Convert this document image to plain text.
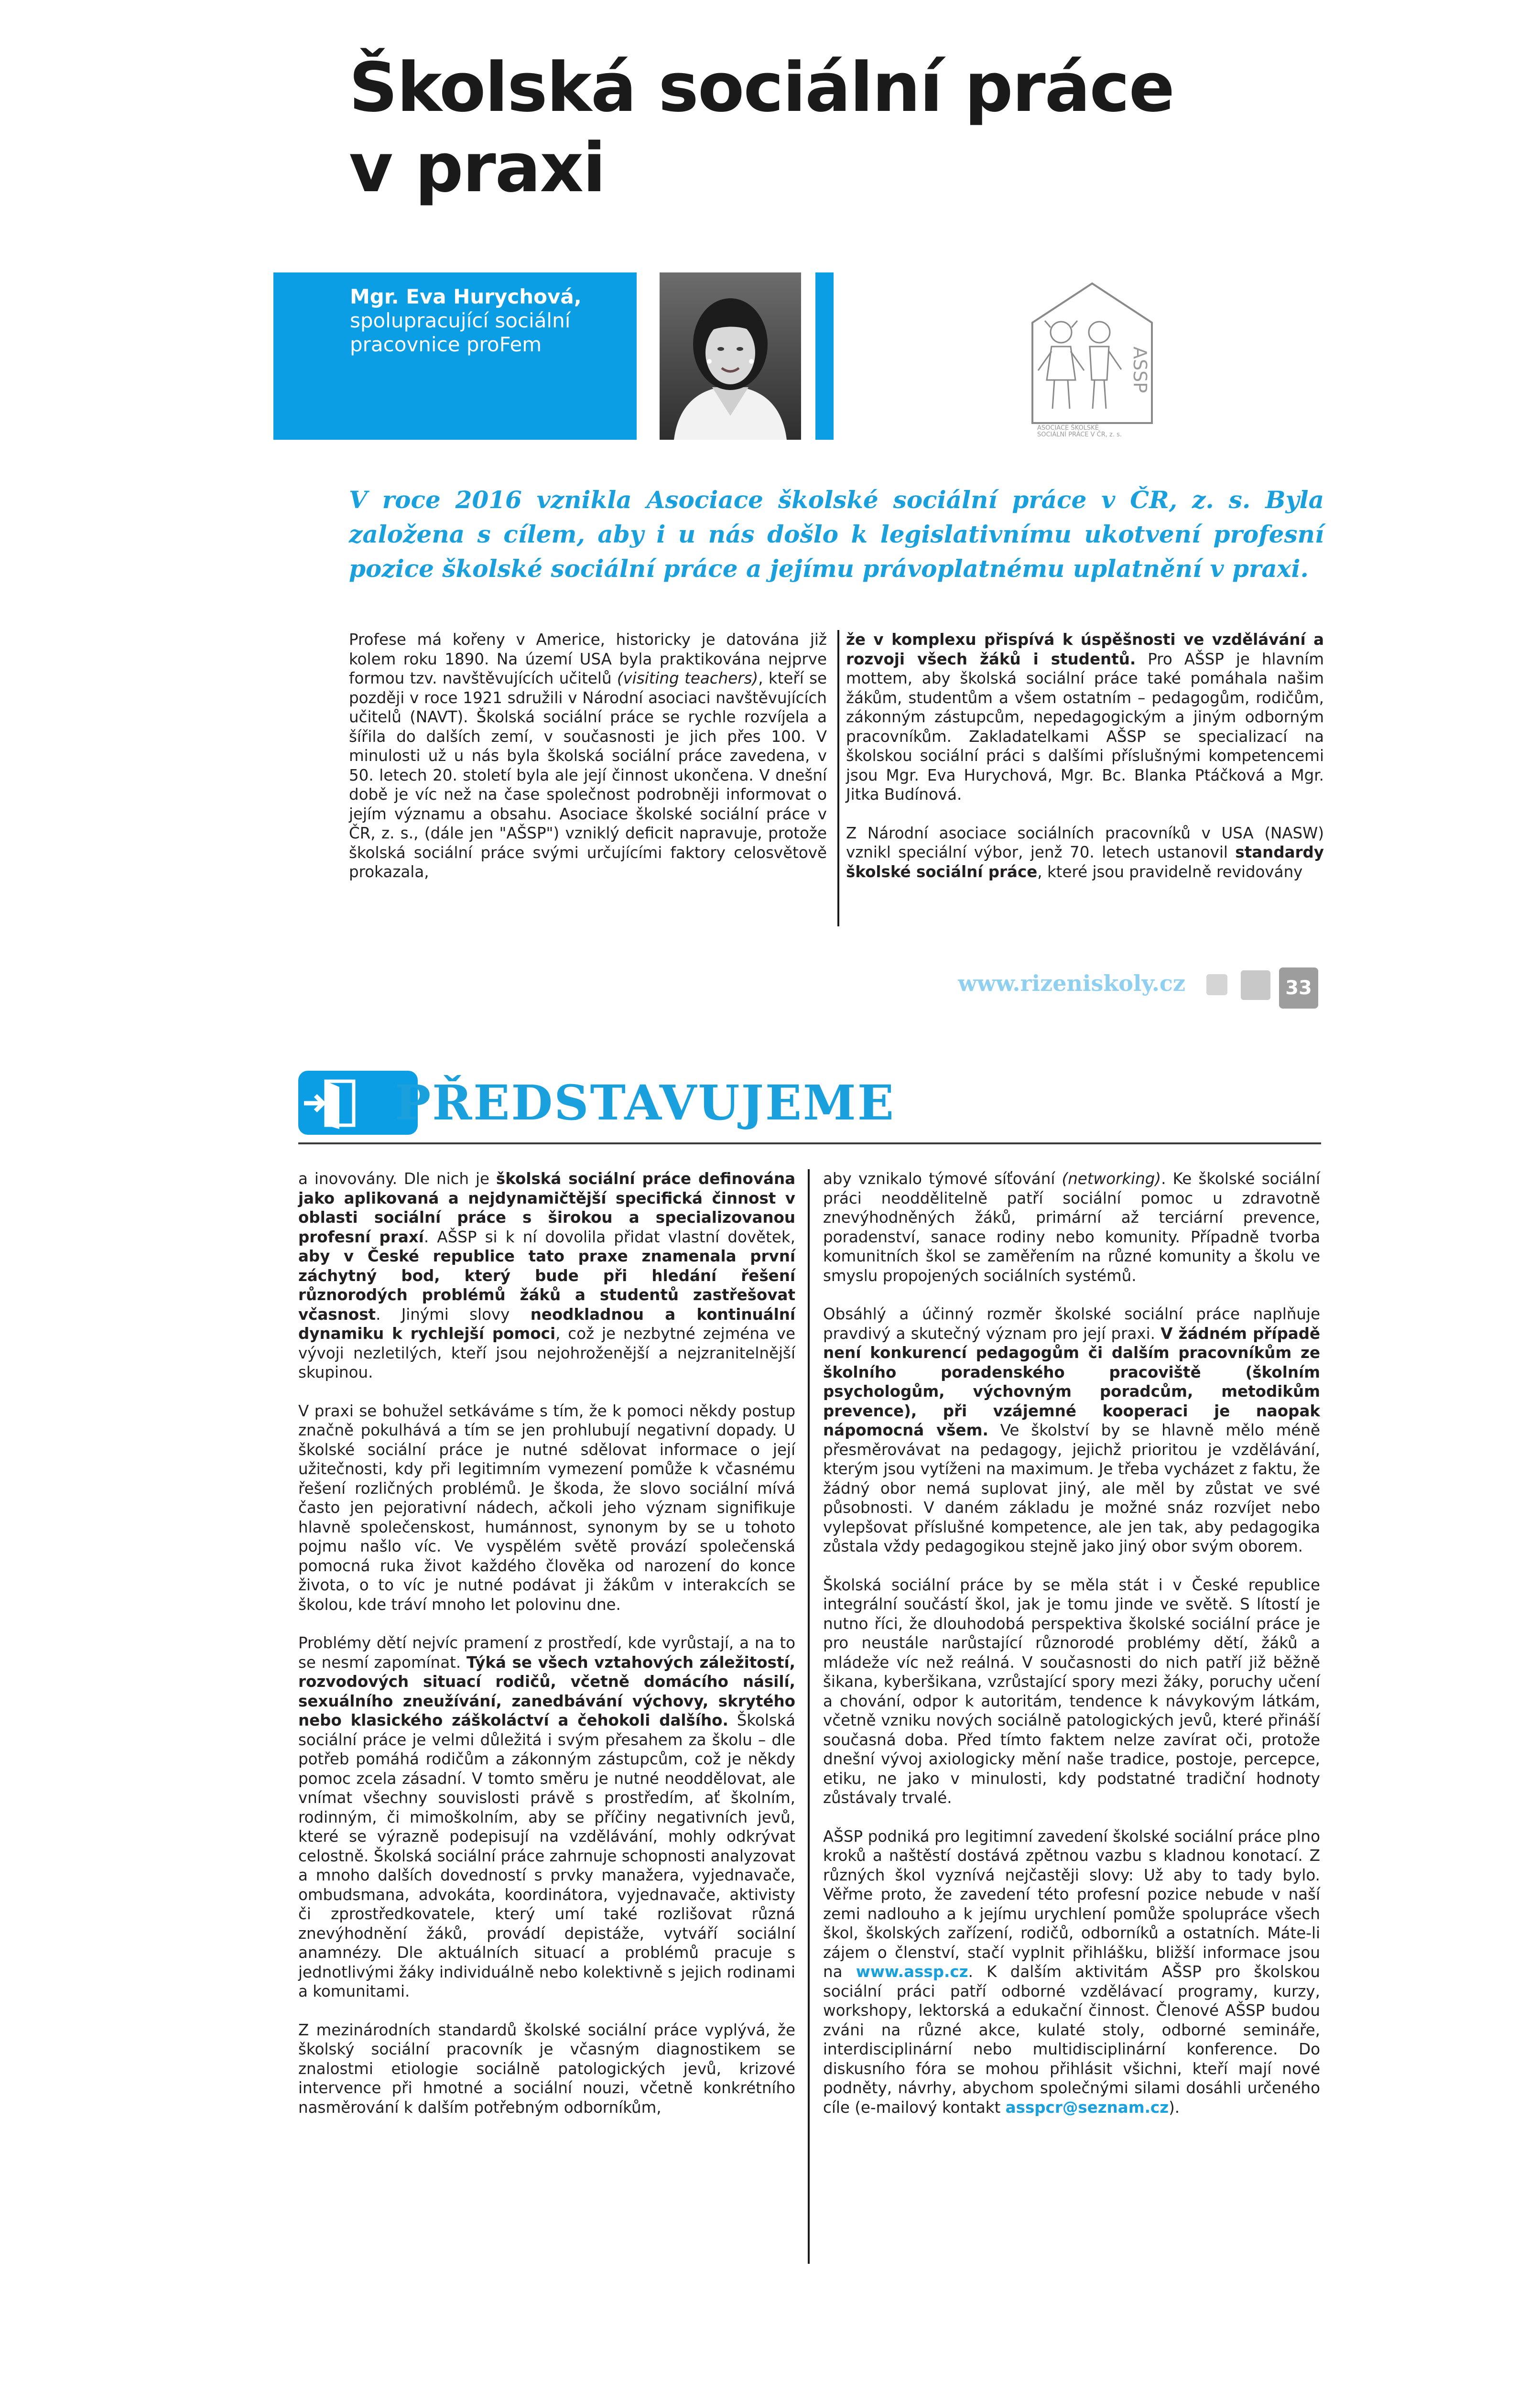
Školská sociální práce
v praxi

Mgr. Eva Hurychová,
spolupracující sociální
pracovnice proFem

ASSP
ASOCIACE ŠKOLSKÉ
SOCIÁLNÍ PRÁCE V ČR, z. s.

V roce 2016 vznikla Asociace školské sociální práce v ČR, z. s. Byla založena s cílem, aby i u nás došlo k legislativnímu ukotvení profesní pozice školské sociální práce a jejímu právoplatnému uplatnění v praxi.

Profese má kořeny v Americe, historicky je datována již kolem roku 1890. Na území USA byla praktikována nejprve formou tzv. navštěvujících učitelů (visiting teachers), kteří se později v roce 1921 sdružili v Národní asociaci navštěvujících učitelů (NAVT). Školská sociální práce se rychle rozvíjela a šířila do dalších zemí, v současnosti je jich přes 100. V minulosti už u nás byla školská sociální práce zavedena, v 50. letech 20. století byla ale její činnost ukončena. V dnešní době je víc než na čase společnost podrobněji informovat o jejím významu a obsahu. Asociace školské sociální práce v ČR, z. s., (dále jen "AŠSP") vzniklý deficit napravuje, protože školská sociální práce svými určujícími faktory celosvětově prokazala,

že v komplexu přispívá k úspěšnosti ve vzdělávání a rozvoji všech žáků i studentů. Pro AŠSP je hlavním mottem, aby školská sociální práce také pomáhala našim žákům, studentům a všem ostatním – pedagogům, rodičům, zákonným zástupcům, nepedagogickým a jiným odborným pracovníkům. Zakladatelkami AŠSP se specializací na školskou sociální práci s dalšími příslušnými kompetencemi jsou Mgr. Eva Hurychová, Mgr. Bc. Blanka Ptáčková a Mgr. Jitka Budínová.

Z Národní asociace sociálních pracovníků v USA (NASW) vznikl speciální výbor, jenž 70. letech ustanovil standardy školské sociální práce, které jsou pravidelně revidovány

www.rizeniskoly.cz	33
PŘEDSTAVUJEME

a inovovány. Dle nich je školská sociální práce definována jako aplikovaná a nejdynamičtější specifická činnost v oblasti sociální práce s širokou a specializovanou profesní praxí. AŠSP si k ní dovolila přidat vlastní dovětek, aby v České republice tato praxe znamenala první záchytný bod, který bude při hledání řešení různorodých problémů žáků a studentů zastřešovat včasnost. Jinými slovy neodkladnou a kontinuální dynamiku k rychlejší pomoci, což je nezbytné zejména ve vývoji nezletilých, kteří jsou nejohroženější a nejzranitelnější skupinou.

V praxi se bohužel setkáváme s tím, že k pomoci někdy postup značně pokulhává a tím se jen prohlubují negativní dopady. U školské sociální práce je nutné sdělovat informace o její užitečnosti, kdy při legitimním vymezení pomůže k včasnému řešení rozličných problémů. Je škoda, že slovo sociální mívá často jen pejorativní nádech, ačkoli jeho význam signifikuje hlavně společenskost, humánnost, synonym by se u tohoto pojmu našlo víc. Ve vyspělém světě provází společenská pomocná ruka život každého člověka od narození do konce života, o to víc je nutné podávat ji žákům v interakcích se školou, kde tráví mnoho let polovinu dne.

Problémy dětí nejvíc pramení z prostředí, kde vyrůstají, a na to se nesmí zapomínat. Týká se všech vztahových záležitostí, rozvodových situací rodičů, včetně domácího násilí, sexuálního zneužívání, zanedbávání výchovy, skrytého nebo klasického záškoláctví a čehokoli dalšího. Školská sociální práce je velmi důležitá i svým přesahem za školu – dle potřeb pomáhá rodičům a zákonným zástupcům, což je někdy pomoc zcela zásadní. V tomto směru je nutné neoddělovat, ale vnímat všechny souvislosti právě s prostředím, ať školním, rodinným, či mimoškolním, aby se příčiny negativních jevů, které se výrazně podepisují na vzdělávání, mohly odkrývat celostně. Školská sociální práce zahrnuje schopnosti analyzovat a mnoho dalších dovedností s prvky manažera, vyjednavače, ombudsmana, advokáta, koordinátora, vyjednavače, aktivisty či zprostředkovatele, který umí také rozlišovat různá znevýhodnění žáků, provádí depistáže, vytváří sociální anamnézy. Dle aktuálních situací a problémů pracuje s jednotlivými žáky individuálně nebo kolektivně s jejich rodinami a komunitami.

Z mezinárodních standardů školské sociální práce vyplývá, že školský sociální pracovník je včasným diagnostikem se znalostmi etiologie sociálně patologických jevů, krizové intervence při hmotné a sociální nouzi, včetně konkrétního nasměrování k dalším potřebným odborníkům,

aby vznikalo týmové síťování (networking). Ke školské sociální práci neoddělitelně patří sociální pomoc u zdravotně znevýhodněných žáků, primární až terciární prevence, poradenství, sanace rodiny nebo komunity. Případně tvorba komunitních škol se zaměřením na různé komunity a školu ve smyslu propojených sociálních systémů.

Obsáhlý a účinný rozměr školské sociální práce naplňuje pravdivý a skutečný význam pro její praxi. V žádném případě není konkurencí pedagogům či dalším pracovníkům ze školního poradenského pracoviště (školním psychologům, výchovným poradcům, metodikům prevence), při vzájemné kooperaci je naopak nápomocná všem. Ve školství by se hlavně mělo méně přesměrovávat na pedagogy, jejichž prioritou je vzdělávání, kterým jsou vytíženi na maximum. Je třeba vycházet z faktu, že žádný obor nemá suplovat jiný, ale měl by zůstat ve své působnosti. V daném základu je možné snáz rozvíjet nebo vylepšovat příslušné kompetence, ale jen tak, aby pedagogika zůstala vždy pedagogikou stejně jako jiný obor svým oborem.

Školská sociální práce by se měla stát i v České republice integrální součástí škol, jak je tomu jinde ve světě. S lítostí je nutno říci, že dlouhodobá perspektiva školské sociální práce je pro neustále narůstající různorodé problémy dětí, žáků a mládeže víc než reálná. V současnosti do nich patří již běžně šikana, kyberšikana, vzrůstající spory mezi žáky, poruchy učení a chování, odpor k autoritám, tendence k návykovým látkám, včetně vzniku nových sociálně patologických jevů, které přináší současná doba. Před tímto faktem nelze zavírat oči, protože dnešní vývoj axiologicky mění naše tradice, postoje, percepce, etiku, ne jako v minulosti, kdy podstatné tradiční hodnoty zůstávaly trvalé.

AŠSP podniká pro legitimní zavedení školské sociální práce plno kroků a naštěstí dostává zpětnou vazbu s kladnou konotací. Z různých škol vyznívá nejčastěji slovy: Už aby to tady bylo. Věřme proto, že zavedení této profesní pozice nebude v naší zemi nadlouho a k jejímu urychlení pomůže spolupráce všech škol, školských zařízení, rodičů, odborníků a ostatních. Máte-li zájem o členství, stačí vyplnit přihlášku, bližší informace jsou na www.assp.cz. K dalším aktivitám AŠSP pro školskou sociální práci patří odborné vzdělávací programy, kurzy, workshopy, lektorská a edukační činnost. Členové AŠSP budou zváni na různé akce, kulaté stoly, odborné semináře, interdisciplinární nebo multidisciplinární konference. Do diskusního fóra se mohou přihlásit všichni, kteří mají nové podněty, návrhy, abychom společnými silami dosáhli určeného cíle (e-mailový kontakt asspcr@seznam.cz).
